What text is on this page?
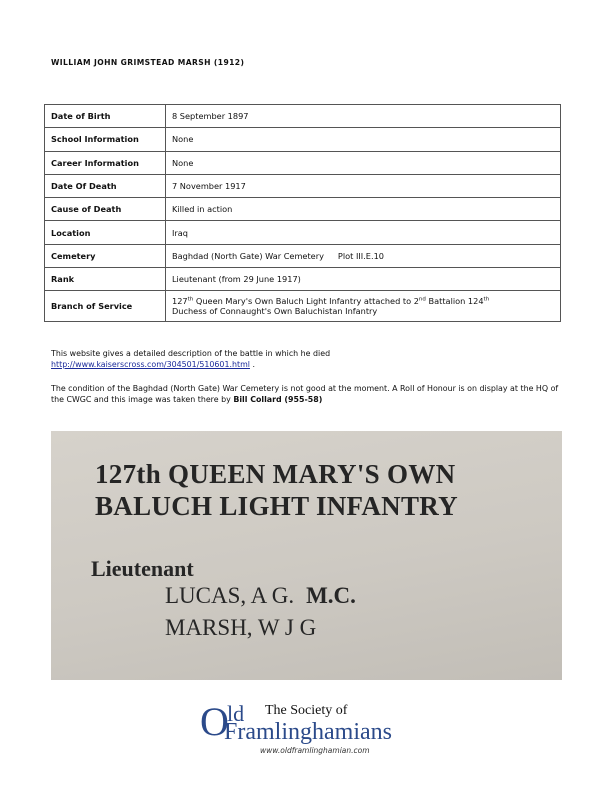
WILLIAM JOHN GRIMSTEAD MARSH (1912)
Date of Birth	8 September 1897
School Information	None
Career Information	None
Date Of Death	7 November 1917
Cause of Death	Killed in action
Location	Iraq
Cemetery	Baghdad (North Gate) War Cemetery Plot III.E.10
Rank	Lieutenant (from 29 June 1917)
Branch of Service	127th Queen Mary's Own Baluch Light Infantry attached to 2nd Battalion 124th
Duchess of Connaught's Own Baluchistan Infantry
This website gives a detailed description of the battle in which he died
http://www.kaiserscross.com/304501/510601.html .
The condition of the Baghdad (North Gate) War Cemetery is not good at the moment. A Roll of Honour is on display at the HQ of the CWGC and this image was taken there by Bill Collard (955-58)
127th QUEEN MARY'S OWN
BALUCH LIGHT INFANTRY
Lieutenant
LUCAS, A G. M.C.
MARSH, W J G
O
ld The Society of
Framlinghamians
www.oldframlinghamian.com
